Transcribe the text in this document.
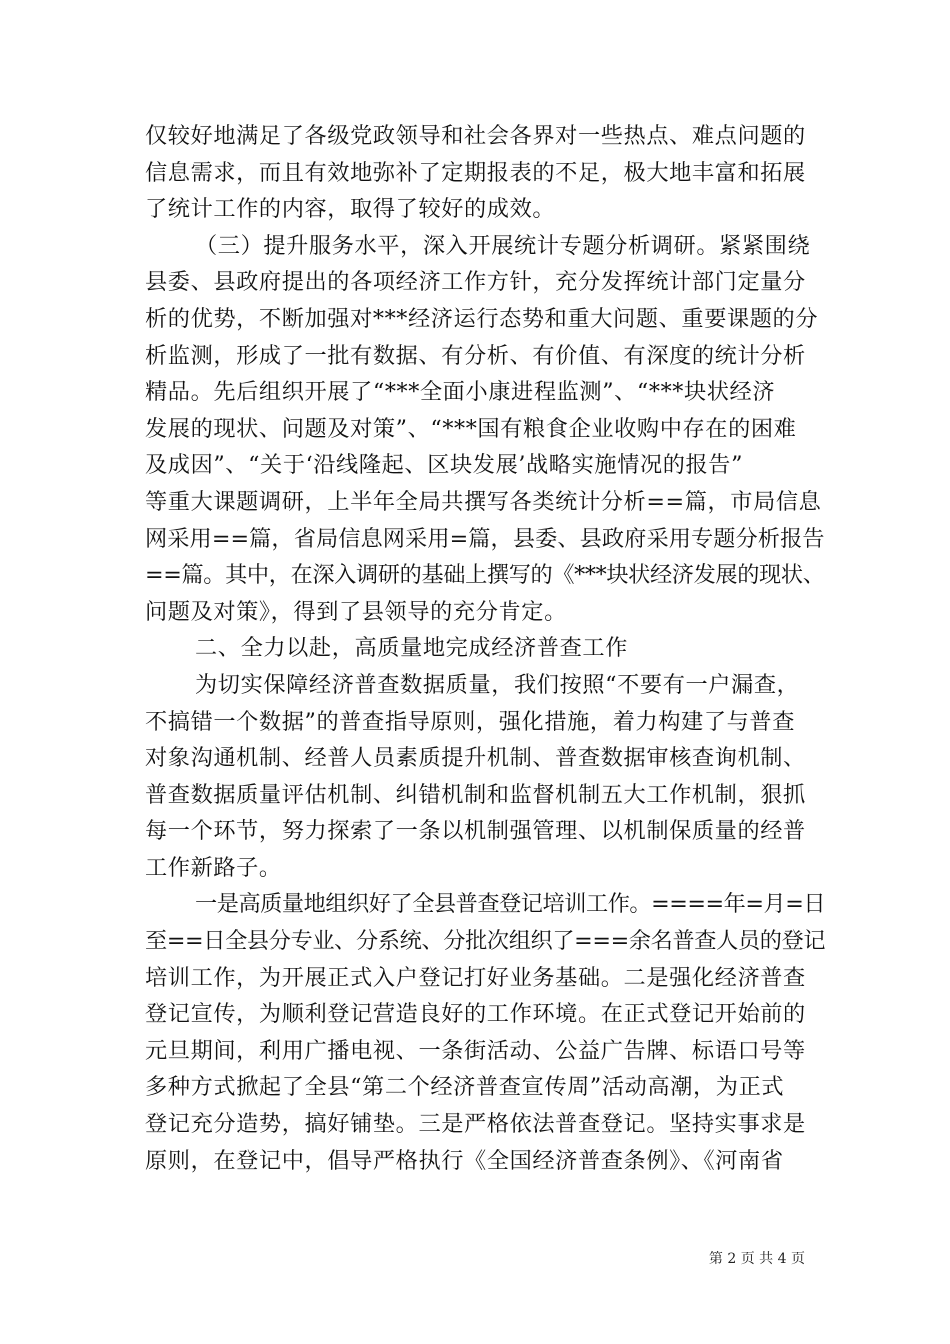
仅较好地满足了各级党政领导和社会各界对一些热点、难点问题的
信息需求，而且有效地弥补了定期报表的不足，极大地丰富和拓展
了统计工作的内容，取得了较好的成效。
（三）提升服务水平，深入开展统计专题分析调研。紧紧围绕
县委、县政府提出的各项经济工作方针，充分发挥统计部门定量分
析的优势，不断加强对***经济运行态势和重大问题、重要课题的分
析监测，形成了一批有数据、有分析、有价值、有深度的统计分析
精品。先后组织开展了“***全面小康进程监测”、“***块状经济
发展的现状、问题及对策”、“***国有粮食企业收购中存在的困难
及成因”、“关于‘沿线隆起、区块发展’战略实施情况的报告”
等重大课题调研，上半年全局共撰写各类统计分析==篇，市局信息
网采用==篇，省局信息网采用=篇，县委、县政府采用专题分析报告
==篇。其中，在深入调研的基础上撰写的《***块状经济发展的现状、
问题及对策》，得到了县领导的充分肯定。
二、全力以赴，高质量地完成经济普查工作
为切实保障经济普查数据质量，我们按照“不要有一户漏查，
不搞错一个数据”的普查指导原则，强化措施，着力构建了与普查
对象沟通机制、经普人员素质提升机制、普查数据审核查询机制、
普查数据质量评估机制、纠错机制和监督机制五大工作机制，狠抓
每一个环节，努力探索了一条以机制强管理、以机制保质量的经普
工作新路子。
一是高质量地组织好了全县普查登记培训工作。====年=月=日
至==日全县分专业、分系统、分批次组织了===余名普查人员的登记
培训工作，为开展正式入户登记打好业务基础。二是强化经济普查
登记宣传，为顺利登记营造良好的工作环境。在正式登记开始前的
元旦期间，利用广播电视、一条街活动、公益广告牌、标语口号等
多种方式掀起了全县“第二个经济普查宣传周”活动高潮，为正式
登记充分造势，搞好铺垫。三是严格依法普查登记。坚持实事求是
原则，在登记中，倡导严格执行《全国经济普查条例》、《河南省
第 2 页 共 4 页
